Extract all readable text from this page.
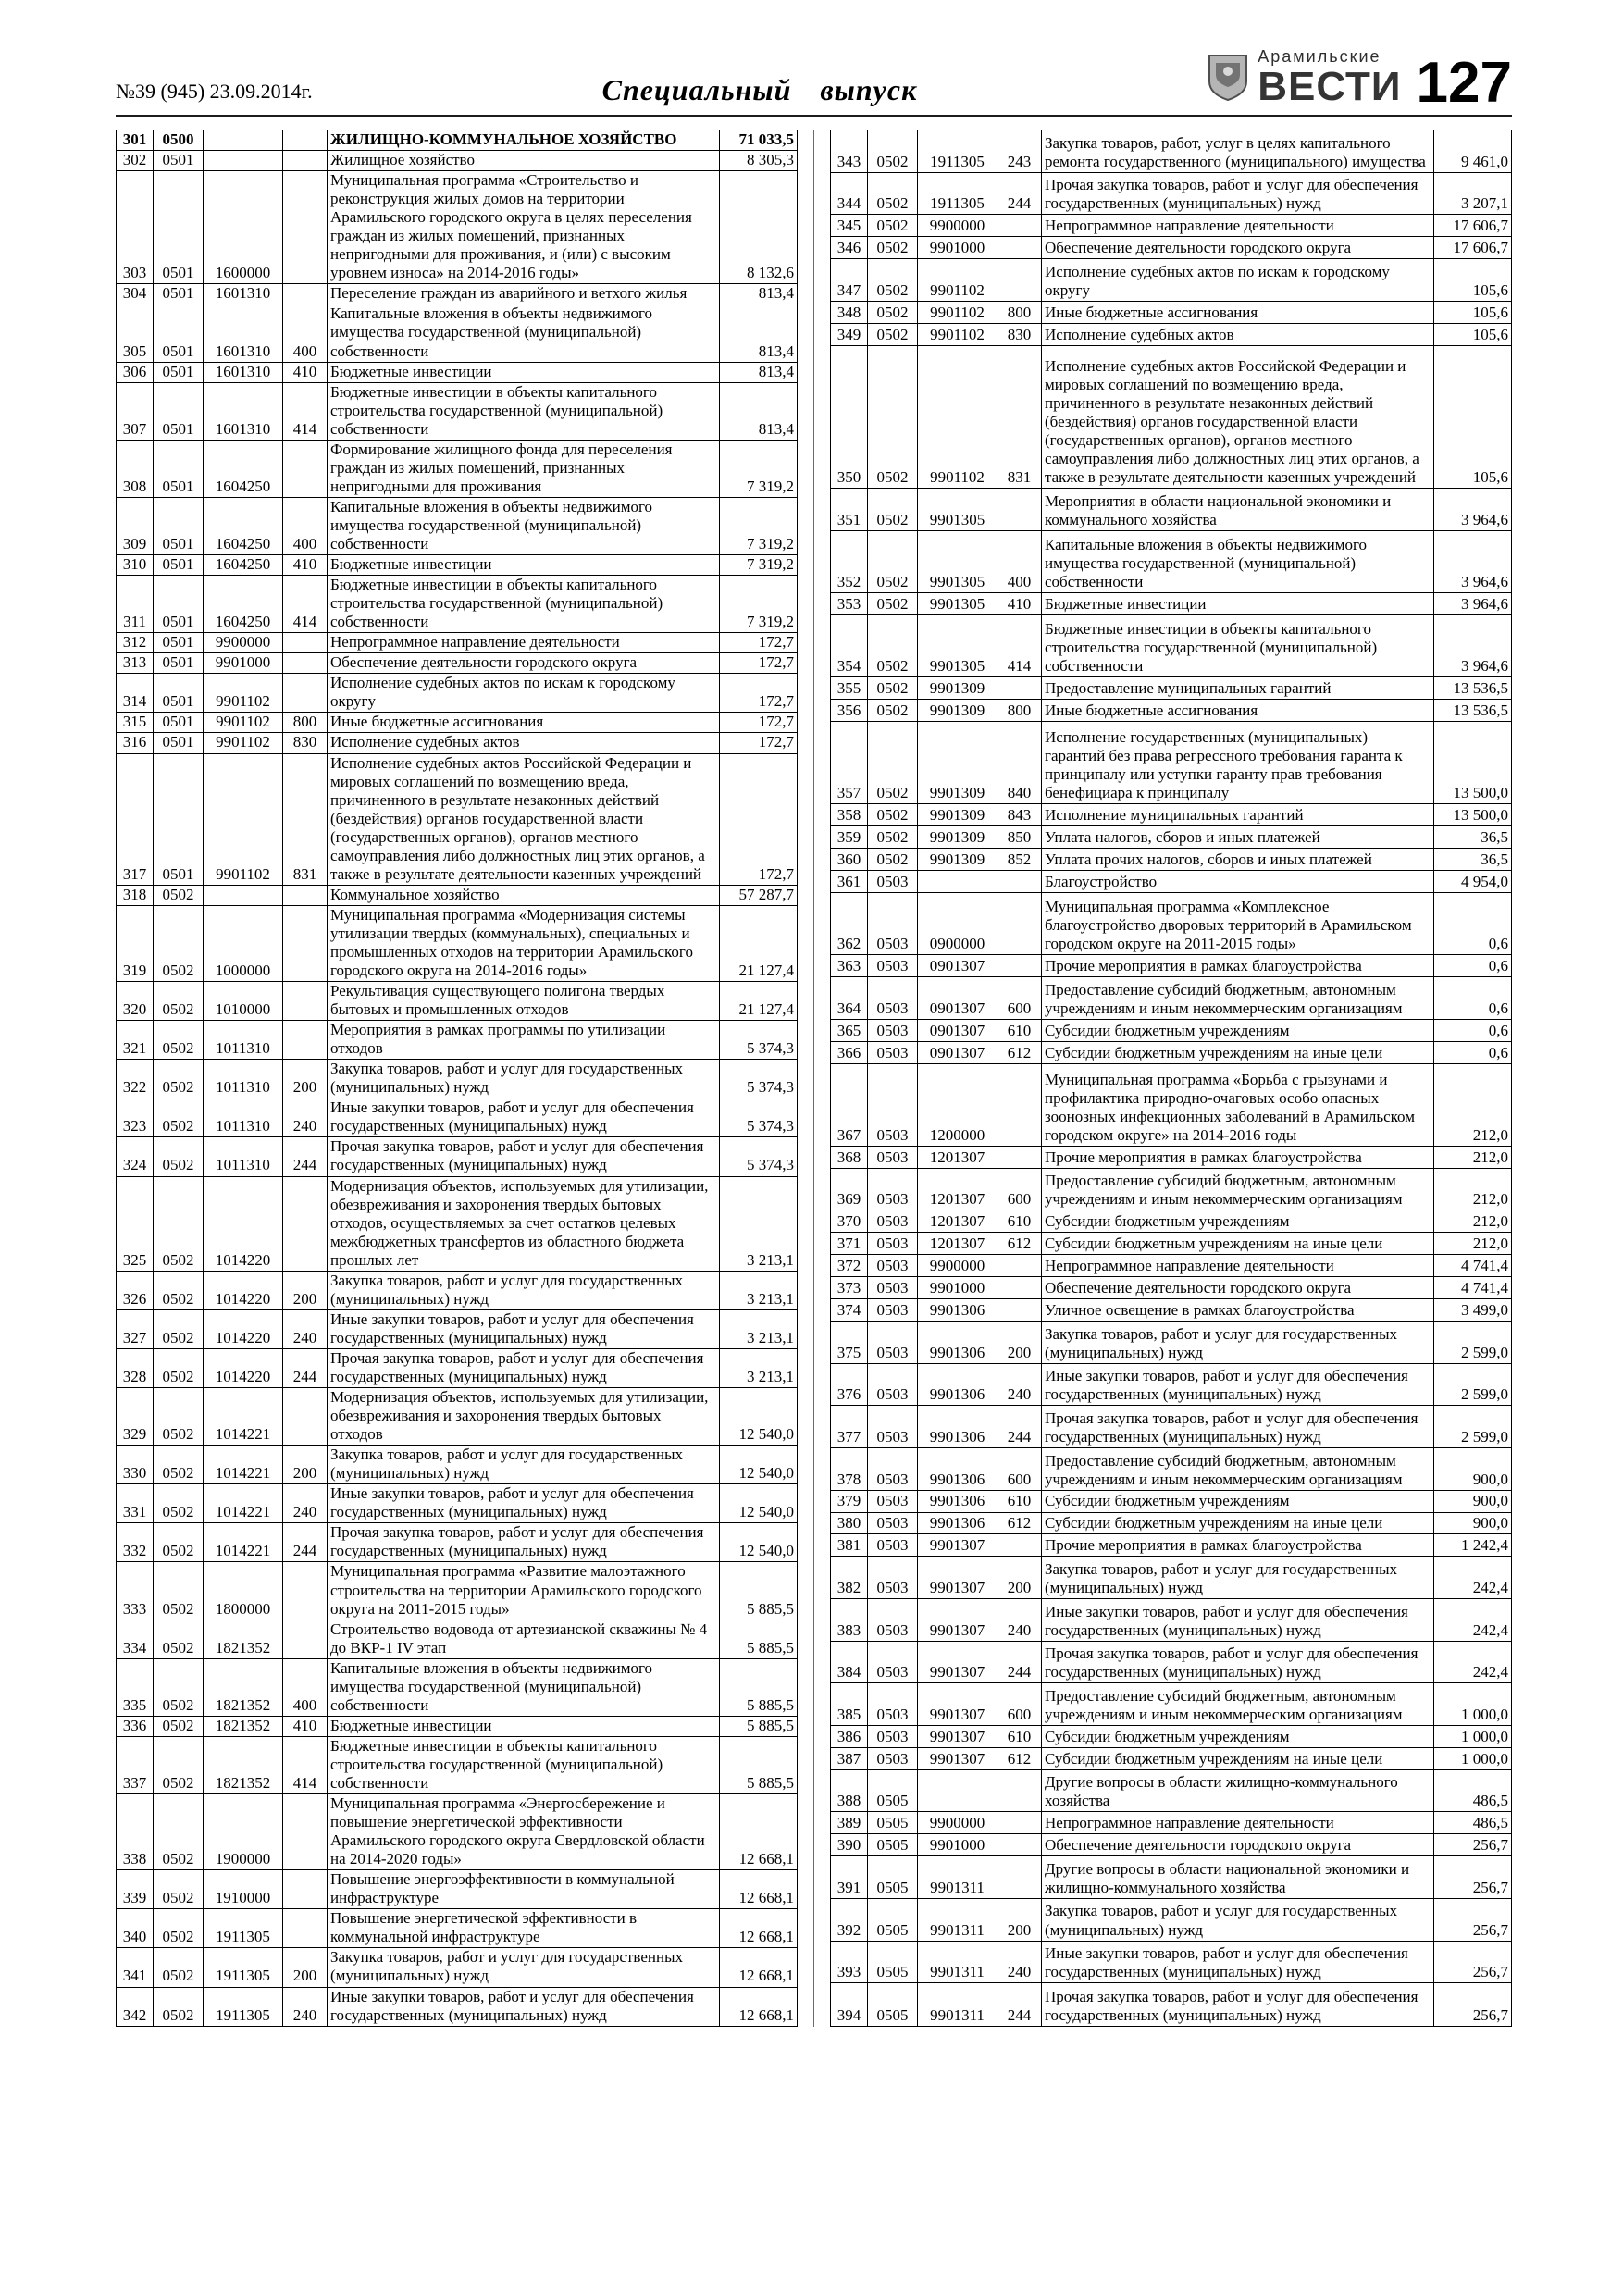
№39 (945) 23.09.2014г.	Специальный выпуск
Арамильские
ВЕСТИ 127
301	0500			ЖИЛИЩНО-КОММУНАЛЬНОЕ ХОЗЯЙСТВО	71 033,5
302	0501			Жилищное хозяйство	8 305,3
303	0501	1600000		Муниципальная программа «Строительство и реконструкция жилых домов на территории Арамильского городского округа в целях переселения граждан из жилых помещений, признанных непригодными для проживания, и (или) с высоким уровнем износа» на 2014-2016 годы»	8 132,6
304	0501	1601310		Переселение граждан из аварийного и ветхого жилья	813,4
305	0501	1601310	400	Капитальные вложения в объекты недвижимого имущества государственной (муниципальной) собственности	813,4
306	0501	1601310	410	Бюджетные инвестиции	813,4
307	0501	1601310	414	Бюджетные инвестиции в объекты капитального строительства государственной (муниципальной) собственности	813,4
308	0501	1604250		Формирование жилищного фонда для переселения граждан из жилых помещений, признанных непригодными для проживания	7 319,2
309	0501	1604250	400	Капитальные вложения в объекты недвижимого имущества государственной (муниципальной) собственности	7 319,2
310	0501	1604250	410	Бюджетные инвестиции	7 319,2
311	0501	1604250	414	Бюджетные инвестиции в объекты капитального строительства государственной (муниципальной) собственности	7 319,2
312	0501	9900000		Непрограммное направление деятельности	172,7
313	0501	9901000		Обеспечение деятельности городского округа	172,7
314	0501	9901102		Исполнение судебных актов по искам к городскому округу	172,7
315	0501	9901102	800	Иные бюджетные ассигнования	172,7
316	0501	9901102	830	Исполнение судебных актов	172,7
317	0501	9901102	831	Исполнение судебных актов Российской Федерации и мировых соглашений по возмещению вреда, причиненного в результате незаконных действий (бездействия) органов государственной власти (государственных органов), органов местного самоуправления либо должностных лиц этих органов, а также в результате деятельности казенных учреждений	172,7
318	0502			Коммунальное хозяйство	57 287,7
319	0502	1000000		Муниципальная программа «Модернизация системы утилизации твердых (коммунальных), специальных и промышленных отходов на территории Арамильского городского округа на 2014-2016 годы»	21 127,4
320	0502	1010000		Рекультивация существующего полигона твердых бытовых и промышленных отходов	21 127,4
321	0502	1011310		Мероприятия в рамках программы по утилизации отходов	5 374,3
322	0502	1011310	200	Закупка товаров, работ и услуг для государственных (муниципальных) нужд	5 374,3
323	0502	1011310	240	Иные закупки товаров, работ и услуг для обеспечения государственных (муниципальных) нужд	5 374,3
324	0502	1011310	244	Прочая закупка товаров, работ и услуг для обеспечения государственных (муниципальных) нужд	5 374,3
325	0502	1014220		Модернизация объектов, используемых для утилизации, обезвреживания и захоронения твердых бытовых отходов, осуществляемых за счет остатков целевых межбюджетных трансфертов из областного бюджета прошлых лет	3 213,1
326	0502	1014220	200	Закупка товаров, работ и услуг для государственных (муниципальных) нужд	3 213,1
327	0502	1014220	240	Иные закупки товаров, работ и услуг для обеспечения государственных (муниципальных) нужд	3 213,1
328	0502	1014220	244	Прочая закупка товаров, работ и услуг для обеспечения государственных (муниципальных) нужд	3 213,1
329	0502	1014221		Модернизация объектов, используемых для утилизации, обезвреживания и захоронения твердых бытовых отходов	12 540,0
330	0502	1014221	200	Закупка товаров, работ и услуг для государственных (муниципальных) нужд	12 540,0
331	0502	1014221	240	Иные закупки товаров, работ и услуг для обеспечения государственных (муниципальных) нужд	12 540,0
332	0502	1014221	244	Прочая закупка товаров, работ и услуг для обеспечения государственных (муниципальных) нужд	12 540,0
333	0502	1800000		Муниципальная программа «Развитие малоэтажного строительства на территории Арамильского городского округа на 2011-2015 годы»	5 885,5
334	0502	1821352		Строительство водовода от артезианской скважины № 4 до ВКР-1 IV этап	5 885,5
335	0502	1821352	400	Капитальные вложения в объекты недвижимого имущества государственной (муниципальной) собственности	5 885,5
336	0502	1821352	410	Бюджетные инвестиции	5 885,5
337	0502	1821352	414	Бюджетные инвестиции в объекты капитального строительства государственной (муниципальной) собственности	5 885,5
338	0502	1900000		Муниципальная программа «Энергосбережение и повышение энергетической эффективности Арамильского городского округа Свердловской области на 2014-2020 годы»	12 668,1
339	0502	1910000		Повышение энергоэффективности в коммунальной инфраструктуре	12 668,1
340	0502	1911305		Повышение энергетической эффективности в коммунальной инфраструктуре	12 668,1
341	0502	1911305	200	Закупка товаров, работ и услуг для государственных (муниципальных) нужд	12 668,1
342	0502	1911305	240	Иные закупки товаров, работ и услуг для обеспечения государственных (муниципальных) нужд	12 668,1
343	0502	1911305	243	Закупка товаров, работ, услуг в целях капитального ремонта государственного (муниципального) имущества	9 461,0
344	0502	1911305	244	Прочая закупка товаров, работ и услуг для обеспечения государственных (муниципальных) нужд	3 207,1
345	0502	9900000		Непрограммное направление деятельности	17 606,7
346	0502	9901000		Обеспечение деятельности городского округа	17 606,7
347	0502	9901102		Исполнение судебных актов по искам к городскому округу	105,6
348	0502	9901102	800	Иные бюджетные ассигнования	105,6
349	0502	9901102	830	Исполнение судебных актов	105,6
350	0502	9901102	831	Исполнение судебных актов Российской Федерации и мировых соглашений по возмещению вреда, причиненного в результате незаконных действий (бездействия) органов государственной власти (государственных органов), органов местного самоуправления либо должностных лиц этих органов, а также в результате деятельности казенных учреждений	105,6
351	0502	9901305		Мероприятия в области национальной экономики и коммунального хозяйства	3 964,6
352	0502	9901305	400	Капитальные вложения в объекты недвижимого имущества государственной (муниципальной) собственности	3 964,6
353	0502	9901305	410	Бюджетные инвестиции	3 964,6
354	0502	9901305	414	Бюджетные инвестиции в объекты капитального строительства государственной (муниципальной) собственности	3 964,6
355	0502	9901309		Предоставление муниципальных гарантий	13 536,5
356	0502	9901309	800	Иные бюджетные ассигнования	13 536,5
357	0502	9901309	840	Исполнение государственных (муниципальных) гарантий без права регрессного требования гаранта к принципалу или уступки гаранту прав требования бенефициара к принципалу	13 500,0
358	0502	9901309	843	Исполнение муниципальных гарантий	13 500,0
359	0502	9901309	850	Уплата налогов, сборов и иных платежей	36,5
360	0502	9901309	852	Уплата прочих налогов, сборов и иных платежей	36,5
361	0503			Благоустройство	4 954,0
362	0503	0900000		Муниципальная программа «Комплексное благоустройство дворовых территорий в Арамильском городском округе на 2011-2015 годы»	0,6
363	0503	0901307		Прочие мероприятия в рамках благоустройства	0,6
364	0503	0901307	600	Предоставление субсидий бюджетным, автономным учреждениям и иным некоммерческим организациям	0,6
365	0503	0901307	610	Субсидии бюджетным учреждениям	0,6
366	0503	0901307	612	Субсидии бюджетным учреждениям на иные цели	0,6
367	0503	1200000		Муниципальная программа «Борьба с грызунами и профилактика природно-очаговых особо опасных зоонозных инфекционных заболеваний в Арамильском городском округе» на 2014-2016 годы	212,0
368	0503	1201307		Прочие мероприятия в рамках благоустройства	212,0
369	0503	1201307	600	Предоставление субсидий бюджетным, автономным учреждениям и иным некоммерческим организациям	212,0
370	0503	1201307	610	Субсидии бюджетным учреждениям	212,0
371	0503	1201307	612	Субсидии бюджетным учреждениям на иные цели	212,0
372	0503	9900000		Непрограммное направление деятельности	4 741,4
373	0503	9901000		Обеспечение деятельности городского округа	4 741,4
374	0503	9901306		Уличное освещение в рамках благоустройства	3 499,0
375	0503	9901306	200	Закупка товаров, работ и услуг для государственных (муниципальных) нужд	2 599,0
376	0503	9901306	240	Иные закупки товаров, работ и услуг для обеспечения государственных (муниципальных) нужд	2 599,0
377	0503	9901306	244	Прочая закупка товаров, работ и услуг для обеспечения государственных (муниципальных) нужд	2 599,0
378	0503	9901306	600	Предоставление субсидий бюджетным, автономным учреждениям и иным некоммерческим организациям	900,0
379	0503	9901306	610	Субсидии бюджетным учреждениям	900,0
380	0503	9901306	612	Субсидии бюджетным учреждениям на иные цели	900,0
381	0503	9901307		Прочие мероприятия в рамках благоустройства	1 242,4
382	0503	9901307	200	Закупка товаров, работ и услуг для государственных (муниципальных) нужд	242,4
383	0503	9901307	240	Иные закупки товаров, работ и услуг для обеспечения государственных (муниципальных) нужд	242,4
384	0503	9901307	244	Прочая закупка товаров, работ и услуг для обеспечения государственных (муниципальных) нужд	242,4
385	0503	9901307	600	Предоставление субсидий бюджетным, автономным учреждениям и иным некоммерческим организациям	1 000,0
386	0503	9901307	610	Субсидии бюджетным учреждениям	1 000,0
387	0503	9901307	612	Субсидии бюджетным учреждениям на иные цели	1 000,0
388	0505			Другие вопросы в области жилищно-коммунального хозяйства	486,5
389	0505	9900000		Непрограммное направление деятельности	486,5
390	0505	9901000		Обеспечение деятельности городского округа	256,7
391	0505	9901311		Другие вопросы в области национальной экономики и жилищно-коммунального хозяйства	256,7
392	0505	9901311	200	Закупка товаров, работ и услуг для государственных (муниципальных) нужд	256,7
393	0505	9901311	240	Иные закупки товаров, работ и услуг для обеспечения государственных (муниципальных) нужд	256,7
394	0505	9901311	244	Прочая закупка товаров, работ и услуг для обеспечения государственных (муниципальных) нужд	256,7
